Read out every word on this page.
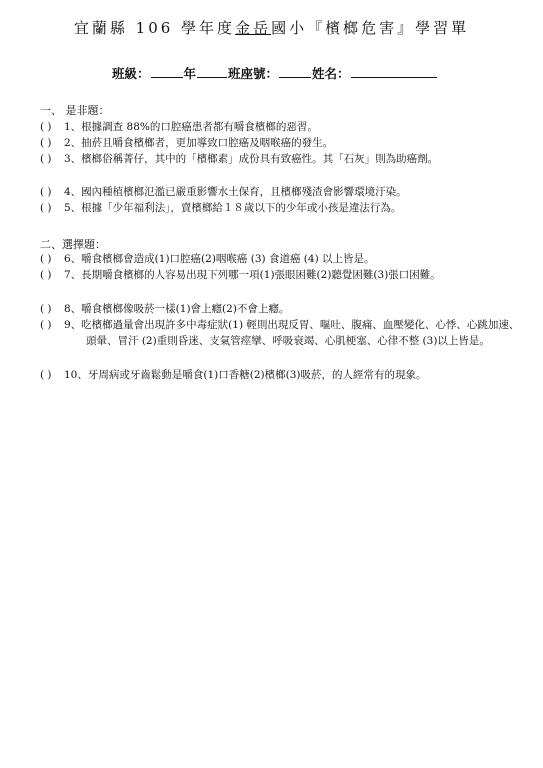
宜蘭縣 106 學年度金岳國小『檳榔危害』學習單
班級：	年	班座號：	姓名：
一、 是非題：
( )	1、根據調查 88%的口腔癌患者都有嚼食檳榔的惡習。
( )	2、抽菸且嚼食檳榔者，更加導致口腔癌及咽喉癌的發生。
( )	3、檳榔俗稱菁仔，其中的「檳榔素」成份具有致癌性。其「石灰」則為助癌劑。
( )	4、國內種植檳榔氾濫已嚴重影響水土保育，且檳榔殘渣會影響環境汙染。
( )	5、根據「少年福利法」，賣檳榔給１８歲以下的少年或小孩是違法行為。
二、選擇題：
( )	6、嚼食檳榔會造成(1)口腔癌(2)咽喉癌 (3) 食道癌 (4) 以上皆是。
( )	7、長期嚼食檳榔的人容易出現下列哪一項(1)張眼困難(2)聽覺困難(3)張口困難。
( )	8、嚼食檳榔像吸菸一樣(1)會上癮(2)不會上癮。
( )	9、吃檳榔過量會出現許多中毒症狀(1) 輕則出現反胃、嘔吐、腹痛、血壓變化、心悸、心跳加速、頭暈、冒汗 (2)重則昏迷、支氣管痙攣、呼吸衰竭、心肌梗塞、心律不整 (3)以上皆是。
( )	10、牙周病或牙齒鬆動是嚼食(1)口香糖(2)檳榔(3)吸菸，的人經常有的現象。
